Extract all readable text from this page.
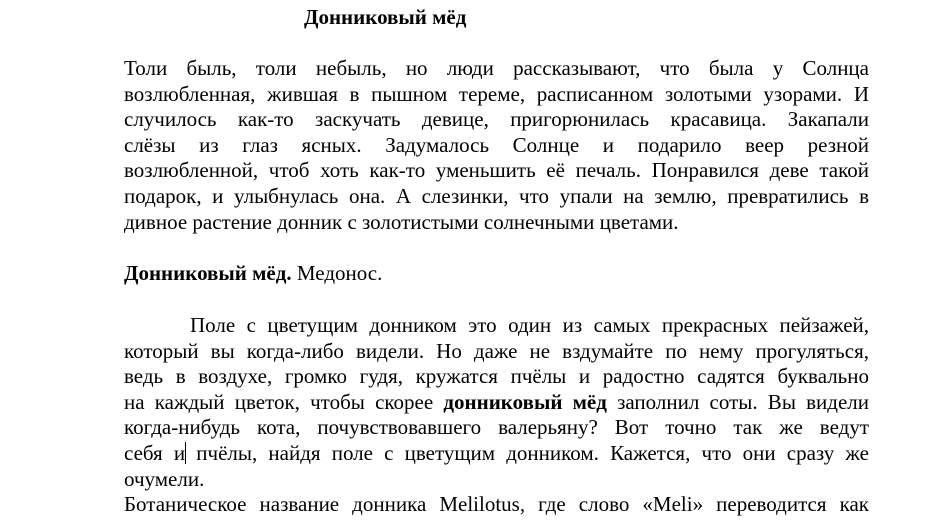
Донниковый мёд
Толи быль, толи небыль, но люди рассказывают, что была у Солнца
возлюбленная, жившая в пышном тереме, расписанном золотыми узорами. И
случилось как-то заскучать девице, пригорюнилась красавица. Закапали
слёзы из глаз ясных. Задумалось Солнце и подарило веер резной
возлюбленной, чтоб хоть как-то уменьшить её печаль. Понравился деве такой
подарок, и улыбнулась она. А слезинки, что упали на землю, превратились в
дивное растение донник с золотистыми солнечными цветами.
Донниковый мёд. Медонос.
Поле с цветущим донником это один из самых прекрасных пейзажей,
который вы когда-либо видели. Но даже не вздумайте по нему прогуляться,
ведь в воздухе, громко гудя, кружатся пчёлы и радостно садятся буквально
на каждый цветок, чтобы скорее донниковый мёд заполнил соты. Вы видели
когда-нибудь кота, почувствовавшего валерьяну? Вот точно так же ведут
себя и пчёлы, найдя поле с цветущим донником. Кажется, что они сразу же
очумели.
Ботаническое название донника Melilotus, где слово «Meli» переводится как
